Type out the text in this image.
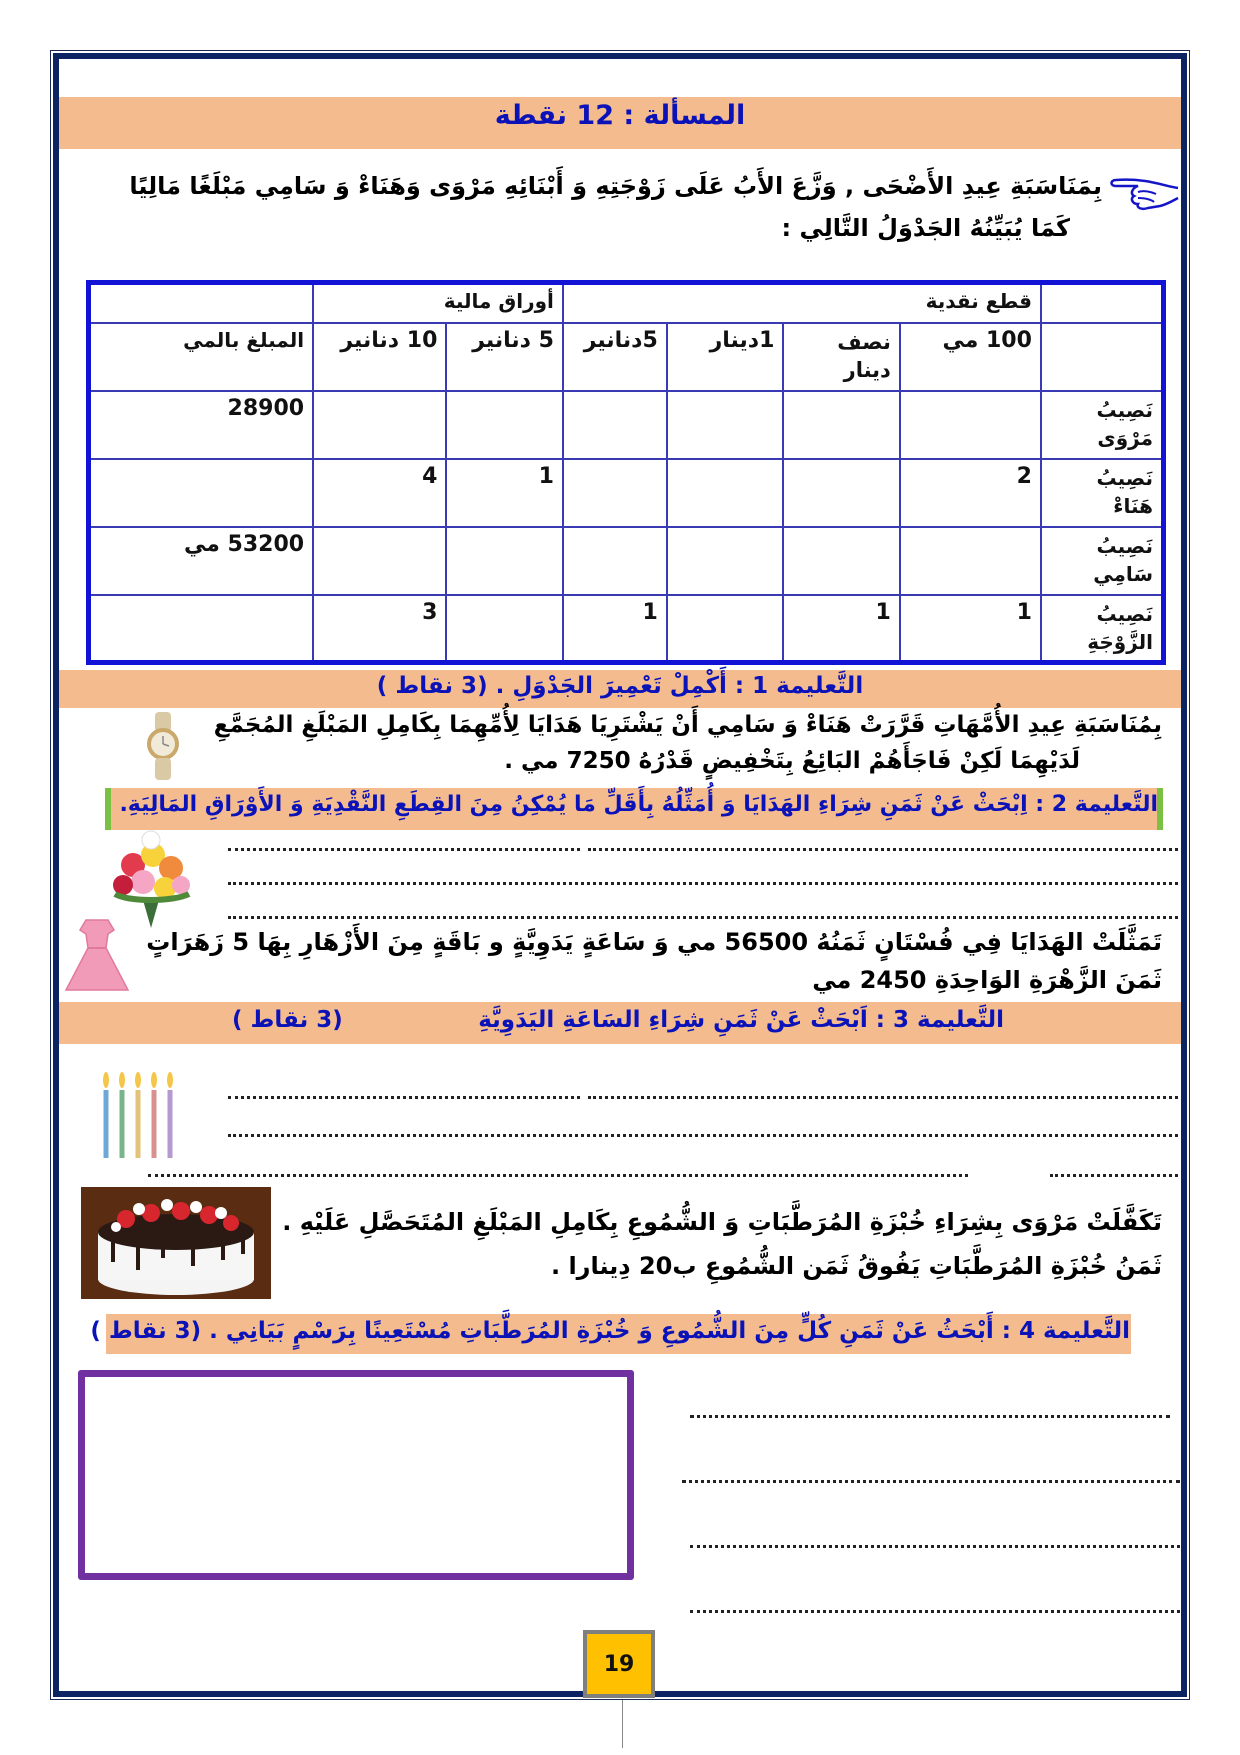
المسألة : 12 نقطة
بِمَنَاسَبَةِ عِيدِ الأَضْحَى , وَزَّعَ الأَبُ عَلَى زَوْجَتِهِ وَ أَبْنَائِهِ مَرْوَى وَهَنَاءْ وَ سَامِي مَبْلَغًا مَالِيًا
كَمَا يُبَيِّنُهُ الجَدْوَلُ التَّالِي :
	قطع نقدية				أوراق مالية		
	100 مي	نصف دينار	1دينار	5دنانير	5 دنانير	10 دنانير	المبلغ بالمي

نَصِيبُ
مَرْوَى							28900

نَصِيبُ
هَنَاءْ	2				1	4	

نَصِيبُ
سَامِي							53200 مي

نَصِيبُ
الزَّوْجَةِ	1	1		1		3	
التَّعليمة 1 : أَكْمِلْ تَعْمِيرَ الجَدْوَلِ . (3 نقاط )
بِمُنَاسَبَةِ عِيدِ الأُمَّهَاتِ قَرَّرَتْ هَنَاءْ وَ سَامِي أَنْ يَشْتَرِيَا هَدَايَا لِأُمِّهِمَا بِكَامِلِ المَبْلَغِ المُجَمَّعِ
لَدَيْهِمَا لَكِنْ فَاجَأَهُمْ البَائِعُ بِتَخْفِيضٍ قَدْرُهُ 7250 مي .
التَّعليمة 2 : اِبْحَثْ عَنْ ثَمَنِ شِرَاءِ الهَدَايَا وَ أُمَثِّلُهُ بِأَقَلِّ مَا يُمْكِنُ مِنَ القِطَعِ النَّقْدِيَةِ وَ الأَوْرَاقِ المَالِيَةِ.
تَمَثَّلَتْ الهَدَايَا فِي فُسْتَانٍ ثَمَنُهُ 56500 مي وَ سَاعَةٍ يَدَوِيَّةٍ و بَاقَةٍ مِنَ الأَزْهَارِ بِهَا 5 زَهَرَاتٍ
ثَمَنَ الزَّهْرَةِ الوَاحِدَةِ 2450 مي
التَّعليمة 3 : اَبْحَثْ عَنْ ثَمَنِ شِرَاءِ السَاعَةِ اليَدَوِيَّةِ
(3 نقاط )
تَكَفَّلَتْ مَرْوَى بِشِرَاءِ خُبْزَةِ المُرَطَّبَاتِ وَ الشُّمُوعِ بِكَامِلِ المَبْلَغِ المُتَحَصَّلِ عَلَيْهِ .
ثَمَنُ خُبْزَةِ المُرَطَّبَاتِ يَفُوقُ ثَمَن الشُّمُوعِ ب20 دِينارا .
التَّعليمة 4 : أَبْحَثُ عَنْ ثَمَنِ كُلٍّ مِنَ الشُّمُوعِ وَ خُبْزَةِ المُرَطَّبَاتِ مُسْتَعِينًا بِرَسْمٍ بَيَانِي . (3 نقاط )
19
